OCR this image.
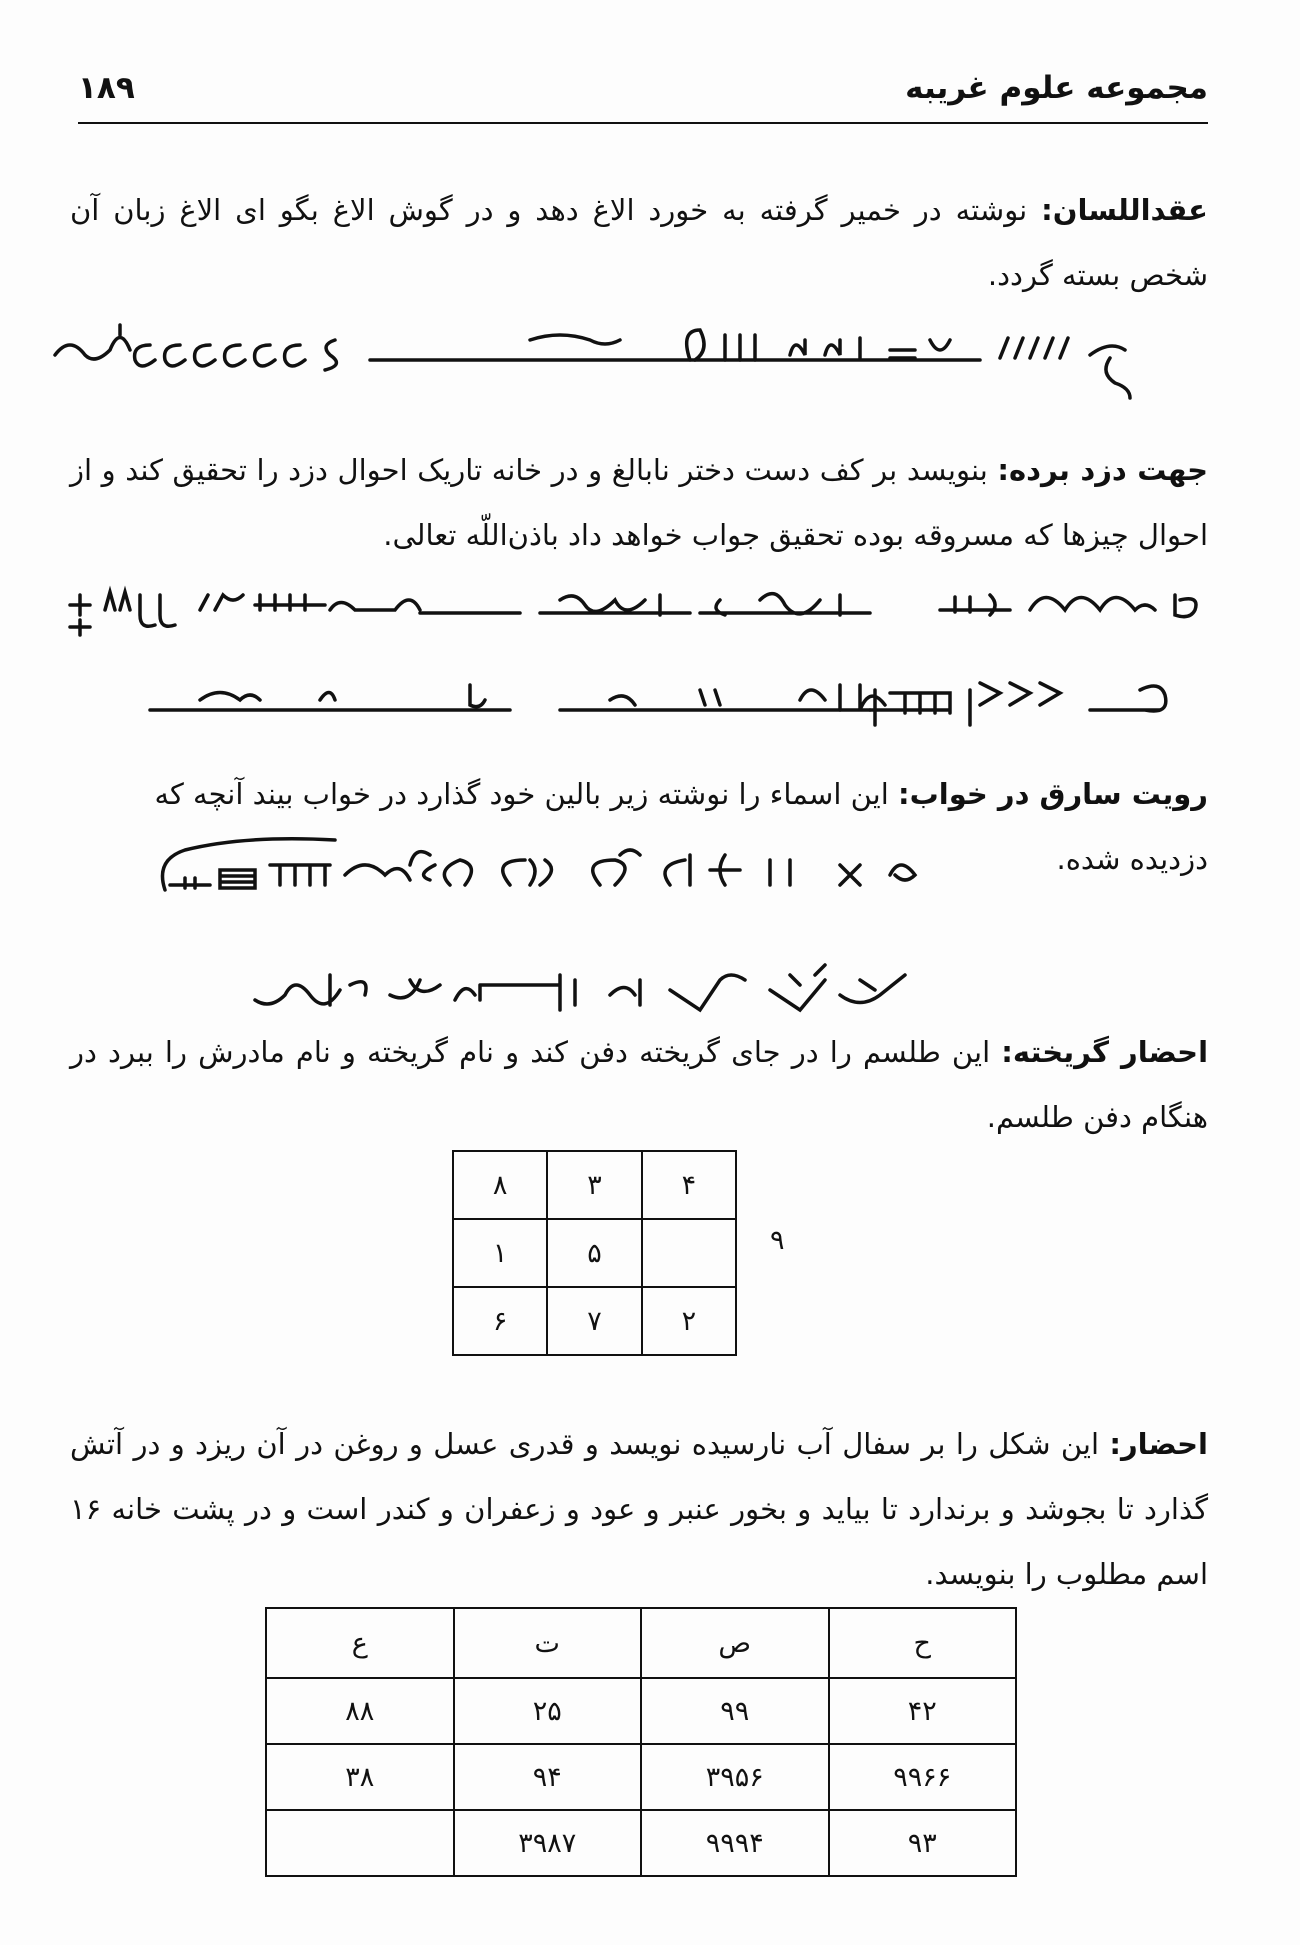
مجموعه علوم غریبه
۱۸۹
عقداللسان: نوشته در خمیر گرفته به خورد الاغ دهد و در گوش الاغ بگو ای الاغ زبان آن شخص بسته گردد.
جهت دزد برده: بنویسد بر کف دست دختر نابالغ و در خانه تاریک احوال دزد را تحقیق کند و از احوال چیزها که مسروقه بوده تحقیق جواب خواهد داد باذن‌اللّه تعالی.
رویت سارق در خواب: این اسماء را نوشته زیر بالین خود گذارد در خواب بیند آنچه که
دزدیده شده.
احضار گریخته: این طلسم را در جای گریخته دفن کند و نام گریخته و نام مادرش را ببرد در هنگام دفن طلسم.
۴	۳	۸
	۵	۱
۲	۷	۶
۹
احضار: این شکل را بر سفال آب نارسیده نویسد و قدری عسل و روغن در آن ریزد و در آتش گذارد تا بجوشد و برندارد تا بیاید و بخور عنبر و عود و زعفران و کندر است و در پشت خانه ۱۶ اسم مطلوب را بنویسد.
ح	ص	ت	ع
۴۲	۹۹	۲۵	۸۸
۹۹۶۶	۳۹۵۶	۹۴	۳۸
۹۳	۹۹۹۴	۳۹۸۷	
